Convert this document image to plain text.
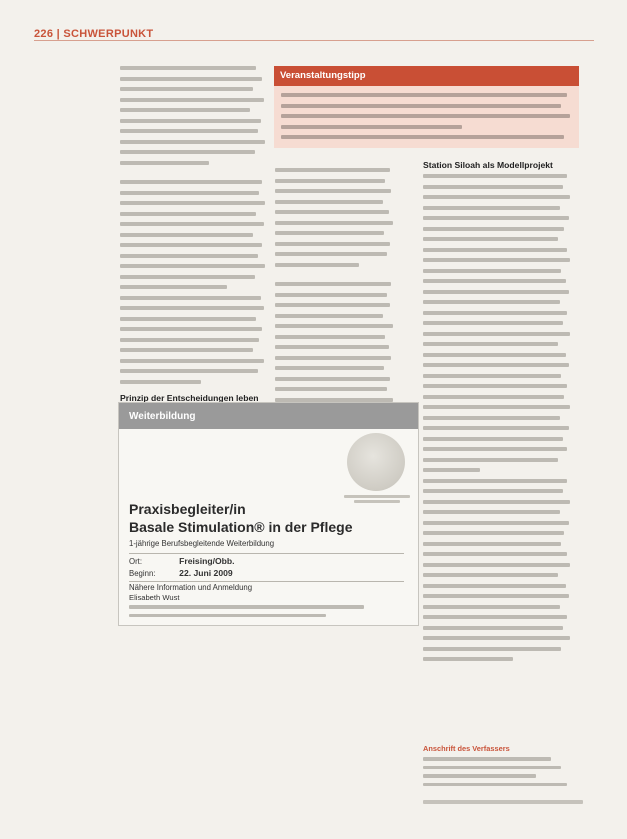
226 | SCHWERPUNKT
Prinzip der Entscheidungen leben
Veranstaltungstipp
Station Siloah als Modellprojekt
Weiterbildung
Praxisbegleiter/in
Basale Stimulation® in der Pflege
1-jährige Berufsbegleitende Weiterbildung
Ort:	Freising/Obb.
Beginn:	22. Juni 2009
Nähere Information und Anmeldung
Elisabeth Wust
Anschrift des Verfassers
